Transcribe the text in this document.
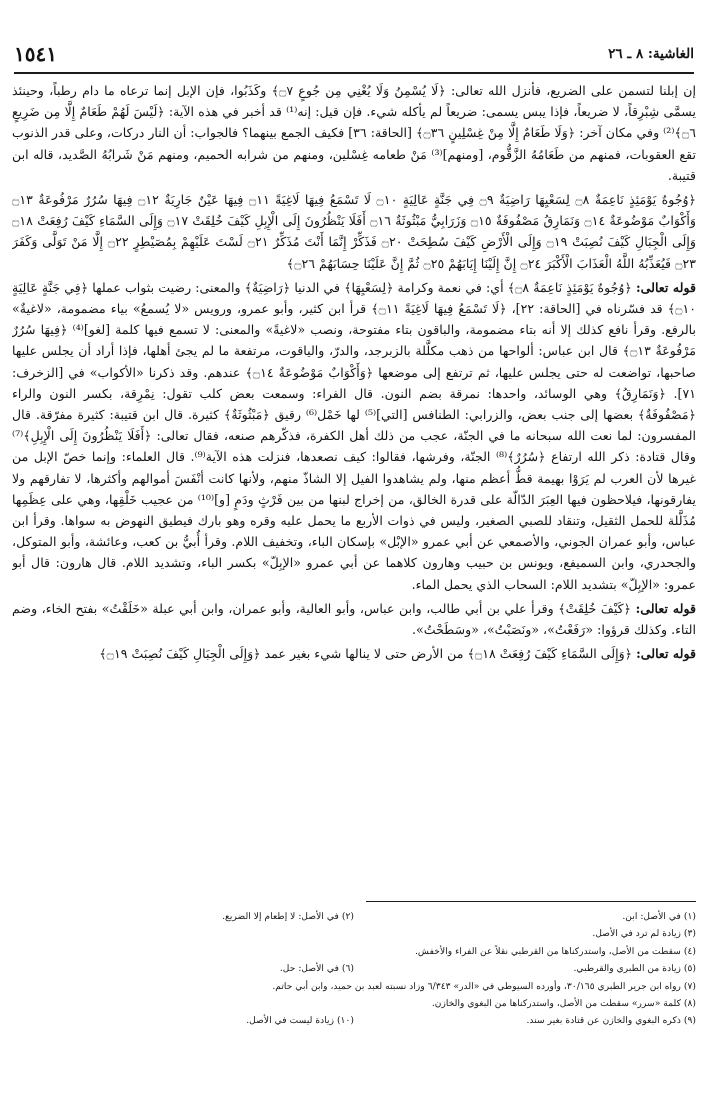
الغاشية: ٨ ـ ٢٦
١٥٤١

إن إبلنا لتسمن على الضريع، فأنزل الله تعالى: ﴿لَا يُسْمِنُ وَلَا يُغْنِي مِن جُوعٍ ۝٧﴾ وكَذَبُوا، فإن الإبل إنما ترعاه ما دام رطباً، وحينئذ يسمَّى شِبْرِقاً، لا ضريعاً، فإذا يبس يسمى: ضريعاً لم يأكله شيء. فإن قيل: إنه⁽¹⁾ قد أخبر في هذه الآية: ﴿لَيْسَ لَهُمْ طَعَامٌ إِلَّا مِن ضَرِيعٍ ۝٦﴾⁽²⁾ وفي مكان آخر: ﴿وَلَا طَعَامٌ إِلَّا مِنْ غِسْلِينٍ ۝٣٦﴾ [الحاقة: ٣٦] فكيف الجمع بينهما؟ فالجواب: أن النار دركات، وعلى قدر الذنوب تقع العقوبات، فمنهم من طَعَامُهُ الزَّقُّوم، [ومنهم]⁽³⁾ مَنْ طعامه غِسْلين، ومنهم من شرابه الحميم، ومنهم مَنْ شَرابُهُ الصَّديد، قاله ابن قتيبة.

﴿وُجُوهٌ يَوْمَئِذٍ نَاعِمَةٌ ۝٨ لِسَعْيِهَا رَاضِيَةٌ ۝٩ فِي جَنَّةٍ عَالِيَةٍ ۝١٠ لَا تَسْمَعُ فِيهَا لَاغِيَةً ۝١١ فِيهَا عَيْنٌ جَارِيَةٌ ۝١٢ فِيهَا سُرُرٌ مَرْفُوعَةٌ ۝١٣ وَأَكْوَابٌ مَوْضُوعَةٌ ۝١٤ وَنَمَارِقُ مَصْفُوفَةٌ ۝١٥ وَزَرَابِيُّ مَبْثُوثَةٌ ۝١٦ أَفَلَا يَنْظُرُونَ إِلَى الْإِبِلِ كَيْفَ خُلِقَتْ ۝١٧ وَإِلَى السَّمَاءِ كَيْفَ رُفِعَتْ ۝١٨ وَإِلَى الْجِبَالِ كَيْفَ نُصِبَتْ ۝١٩ وَإِلَى الْأَرْضِ كَيْفَ سُطِحَتْ ۝٢٠ فَذَكِّرْ إِنَّمَا أَنْتَ مُذَكِّرٌ ۝٢١ لَسْتَ عَلَيْهِمْ بِمُصَيْطِرٍ ۝٢٢ إِلَّا مَنْ تَوَلَّى وَكَفَرَ ۝٢٣ فَيُعَذِّبُهُ اللَّهُ الْعَذَابَ الْأَكْبَرَ ۝٢٤ إِنَّ إِلَيْنَا إِيَابَهُمْ ۝٢٥ ثُمَّ إِنَّ عَلَيْنَا حِسَابَهُمْ ۝٢٦﴾

قوله تعالى: ﴿وُجُوهٌ يَوْمَئِذٍ نَاعِمَةٌ ۝٨﴾ أي: في نعمة وكرامة ﴿لِسَعْيِهَا﴾ في الدنيا ﴿رَاضِيَةٌ﴾ والمعنى: رضيت بثواب عملها ﴿فِي جَنَّةٍ عَالِيَةٍ ۝١٠﴾ قد فسّرناه في [الحاقة: ٢٢]، ﴿لَا تَسْمَعُ فِيهَا لَاغِيَةً ۝١١﴾ قرأ ابن كثير، وأبو عمرو، ورويس «لا يُسمعُ» بياء مضمومة، «لاغيةٌ» بالرفع. وقرأ نافع كذلك إلا أنه بتاء مضمومة، والباقون بتاء مفتوحة، ونصب «لاغيةً» والمعنى: لا تسمع فيها كلمة [لغو]⁽⁴⁾ ﴿فِيهَا سُرُرٌ مَرْفُوعَةٌ ۝١٣﴾ قال ابن عباس: ألواحها من ذهب مكلَّلة بالزبرجد، والدرّ، والياقوت، مرتفعة ما لم يجئ أهلها، فإذا أراد أن يجلس عليها صاحبها، تواضعت له حتى يجلس عليها، ثم ترتفع إلى موضعها ﴿وَأَكْوَابٌ مَوْضُوعَةٌ ۝١٤﴾ عندهم. وقد ذكرنا «الأكواب» في [الزخرف: ٧١]. ﴿وَنَمَارِقُ﴾ وهي الوسائد، واحدها: نمرقة بضم النون. قال الفراء: وسمعت بعض كلب تقول: نِمْرِقة، بكسر النون والراء ﴿مَصْفُوفَةٌ﴾ بعضها إلى جنب بعض، والزرابي: الطنافس [التي]⁽⁵⁾ لها خَمْل⁽⁶⁾ رقيق ﴿مَبْثُوثَةٌ﴾ كثيرة. قال ابن قتيبة: كثيرة مفرّقة. قال المفسرون: لما نعت الله سبحانه ما في الجنّة، عجب من ذلك أهل الكفرة، فذكّرهم صنعه، فقال تعالى: ﴿أَفَلَا يَنْظُرُونَ إِلَى الْإِبِلِ﴾⁽⁷⁾ وقال قتادة: ذكر الله ارتفاع ﴿سُرُرٌ﴾⁽⁸⁾ الجنّة، وفرشها، فقالوا: كيف نصعدها، فنزلت هذه الآية⁽⁹⁾. قال العلماء: وإنما خصّ الإبل من غيرها لأن العرب لم يَرَوْا بهيمة قطُّ أعظم منها، ولم يشاهدوا الفيل إلا الشاذّ منهم، ولأنها كانت أنْفَسَ أموالهم وأكثرها، لا تفارقهم ولا يفارقونها، فيلاحظون فيها العِبَرَ الدّالّة على قدرة الخالق، من إخراج لبنها من بين فَرْثٍ ودَمٍ [و]⁽¹⁰⁾ من عجيب خَلْقِها، وهي على عِظَمِها مُذَلَّلة للحمل الثقيل، وتنقاد للصبي الصغير، وليس في ذوات الأربع ما يحمل عليه وقره وهو بارك فيطيق النهوض به سواها. وقرأ ابن عباس، وأبو عمران الجوني، والأصمعي عن أبي عمرو «الإبْل» بإسكان الباء، وتخفيف اللام. وقرأ أُبيُّ بن كعب، وعائشة، وأبو المتوكل، والجحدري، وابن السميفع، ويونس بن حبيب وهارون كلاهما عن أبي عمرو «الإبِلّ» بكسر الباء، وتشديد اللام. قال هارون: قال أبو عمرو: «الإبِلّ» بتشديد اللام: السحاب الذي يحمل الماء.

قوله تعالى: ﴿كَيْفَ خُلِقَتْ﴾ وقرأ علي بن أبي طالب، وابن عباس، وأبو العالية، وأبو عمران، وابن أبي عبلة «خَلَقْتُ» بفتح الخاء، وضم التاء. وكذلك قرؤوا: «رَفَعْتُ»، «ونَصَبْتُ»، «وسَطَحْتُ».

قوله تعالى: ﴿وَإِلَى السَّمَاءِ كَيْفَ رُفِعَتْ ۝١٨﴾ من الأرض حتى لا ينالها شيء بغير عمد ﴿وَإِلَى الْجِبَالِ كَيْفَ نُصِبَتْ ۝١٩﴾

(١) في الأصل: ابن.
(٢) في الأصل: لا إطعام إلا الضريع.
(٣) زيادة لم ترد في الأصل.
(٤) سقطت من الأصل، واستدركناها من القرطبي نقلاً عن الفراء والأخفش.
(٥) زيادة من الطبري والقرطبي.
(٦) في الأصل: حل.
(٧) رواه ابن جرير الطبري ٣٠/١٦٥، وأورده السيوطي في «الدر» ٦/٣٤٣ وزاد نسبته لعبد بن حميد، وابن أبي حاتم.
(٨) كلمة «سرر» سقطت من الأصل، واستدركناها من البغوي والخازن.
(٩) ذكره البغوي والخازن عن قتادة بغير سند.
(١٠) زيادة ليست في الأصل.
